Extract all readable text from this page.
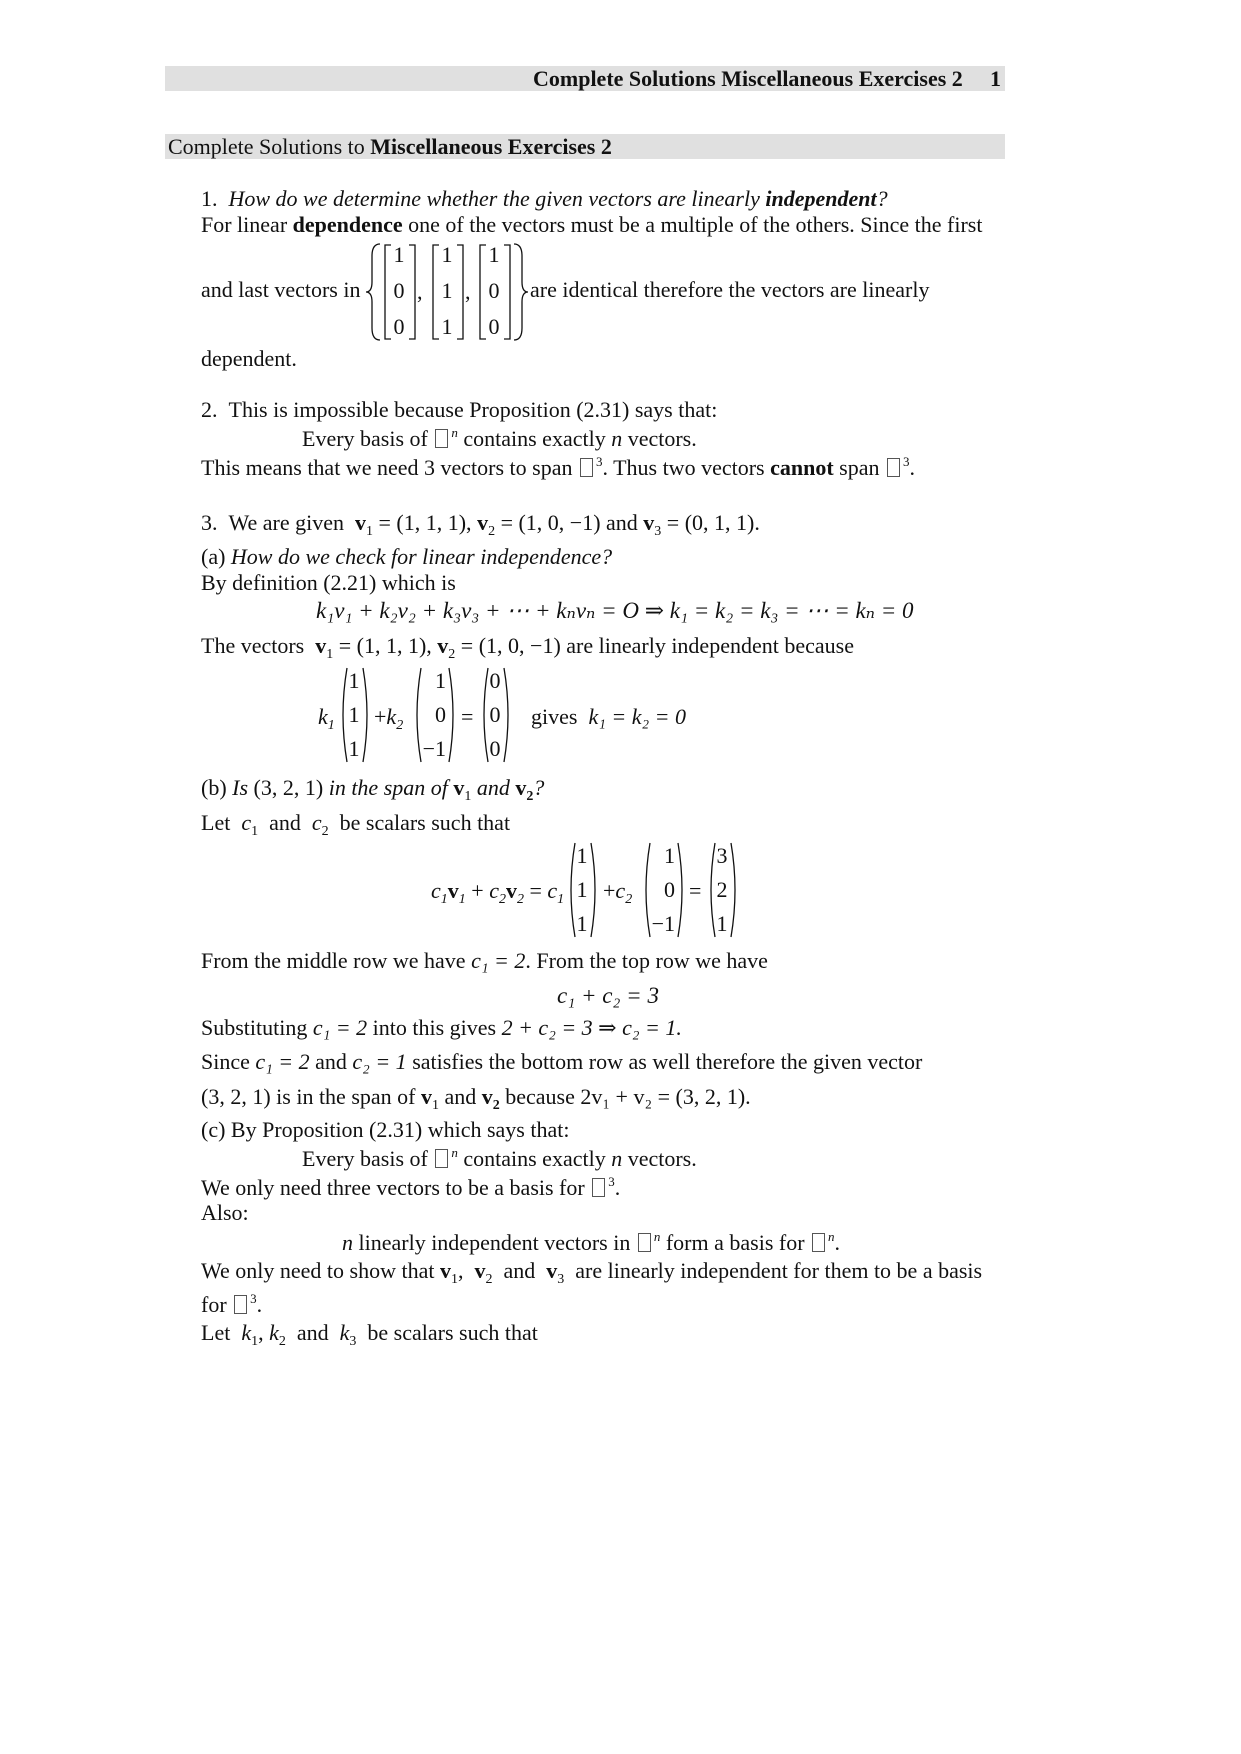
Complete Solutions Miscellaneous Exercises 2 1
Complete Solutions to Miscellaneous Exercises 2
1. How do we determine whether the given vectors are linearly independent?
For linear dependence one of the vectors must be a multiple of the others. Since the first
and last vectors in
1
0
0
,
1
1
1
,
1
0
0
are identical therefore the vectors are linearly
dependent.
2. This is impossible because Proposition (2.31) says that:
Every basis of $^n$ contains exactly n vectors.
This means that we need 3 vectors to span $^3$. Thus two vectors cannot span $^3$.
3. We are given $v_1 = (1$, 1, 1), $v_2 = (1$, 0, −1) and $v_3 = (0$, 1, 1).
(a) How do we check for linear independence?
By definition (2.21) which is
k₁v₁ + k₂v₂ + k₃v₃ + ⋯ + kₙvₙ = O ⇒ k₁ = k₂ = k₃ = ⋯ = kₙ = 0
The vectors $v_1 = (1$, 1, 1), $v_2 = (1$, 0, −1) are linearly independent because
$k_1$
1
1
1
$+k_2$
1
0
−1
=
0
0
0
gives k₁ = k₂ = 0
(b) Is (3, 2, 1) in the span of $v_1$ and $v_2$?
Let $c_1$ and $c_2$ be scalars such that
$c_1v_1 + c_2v_2 = c_1$
1
1
1
$+c_2$
1
0
−1
=
3
2
1
From the middle row we have c₁ = 2. From the top row we have
c₁ + c₂ = 3
Substituting c₁ = 2 into this gives 2 + c₂ = 3 ⇒ c₂ = 1.
Since c₁ = 2 and c₂ = 1 satisfies the bottom row as well therefore the given vector
(3, 2, 1) is in the span of $v_1$ and $v_2$ because 2v₁ + v₂ = (3, 2, 1).
(c) By Proposition (2.31) which says that:
Every basis of $^n$ contains exactly n vectors.
We only need three vectors to be a basis for $^3$.
Also:
n linearly independent vectors in $^n$ form a basis for $^n$.
We only need to show that $v_1$,  $v_2$ and $v_3$ are linearly independent for them to be a basis
for $^3$.
Let $k_1$, $k_2$ and $k_3$ be scalars such that
